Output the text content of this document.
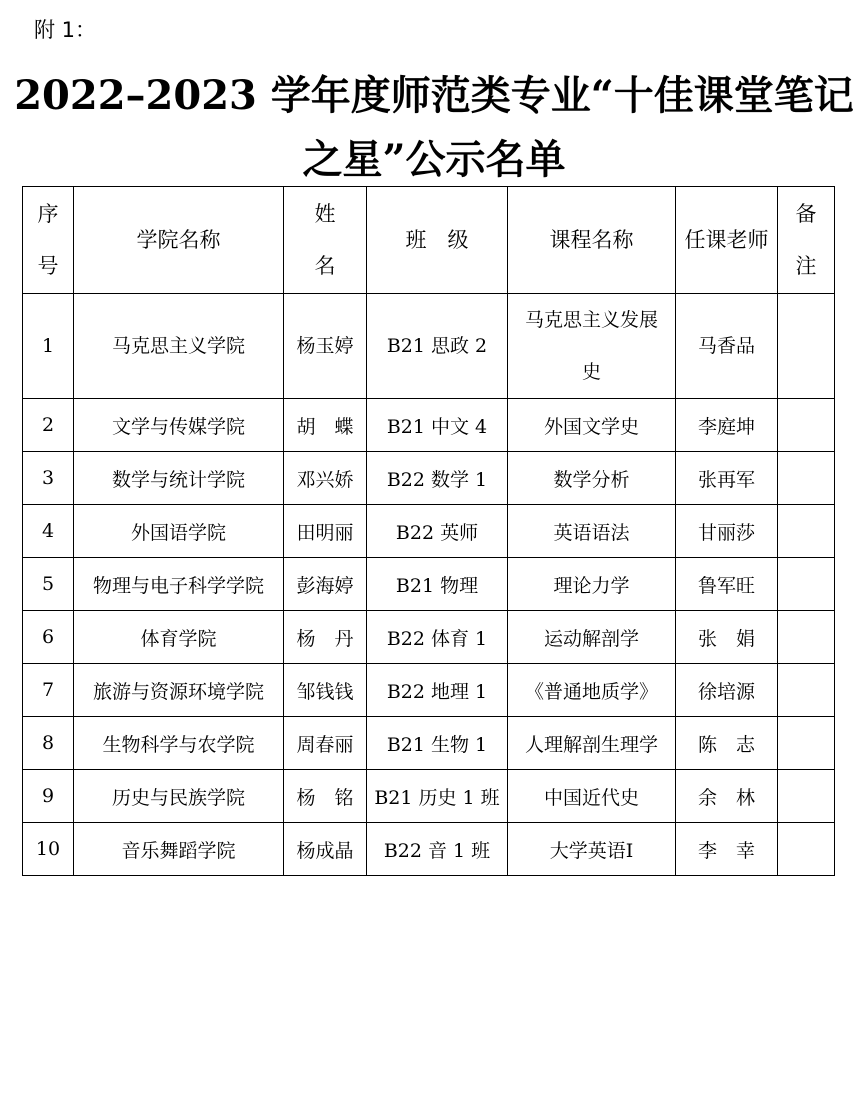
附 1：
2022–2023 学年度师范类专业“十佳课堂笔记
之星”公示名单
序号	学院名称	姓名	班　级	课程名称	任课老师	备注
1	马克思主义学院	杨玉婷	B21 思政 2	马克思主义发展史	马香品	
2	文学与传媒学院	胡　蝶	B21 中文 4	外国文学史	李庭坤	
3	数学与统计学院	邓兴娇	B22 数学 1	数学分析	张再军	
4	外国语学院	田明丽	B22 英师	英语语法	甘丽莎	
5	物理与电子科学学院	彭海婷	B21 物理	理论力学	鲁军旺	
6	体育学院	杨　丹	B22 体育 1	运动解剖学	张　娟	
7	旅游与资源环境学院	邹钱钱	B22 地理 1	《普通地质学》	徐培源	
8	生物科学与农学院	周春丽	B21 生物 1	人理解剖生理学	陈　志	
9	历史与民族学院	杨　铭	B21 历史 1 班	中国近代史	余　林	
10	音乐舞蹈学院	杨成晶	B22 音 1 班	大学英语Ⅰ	李　幸	
